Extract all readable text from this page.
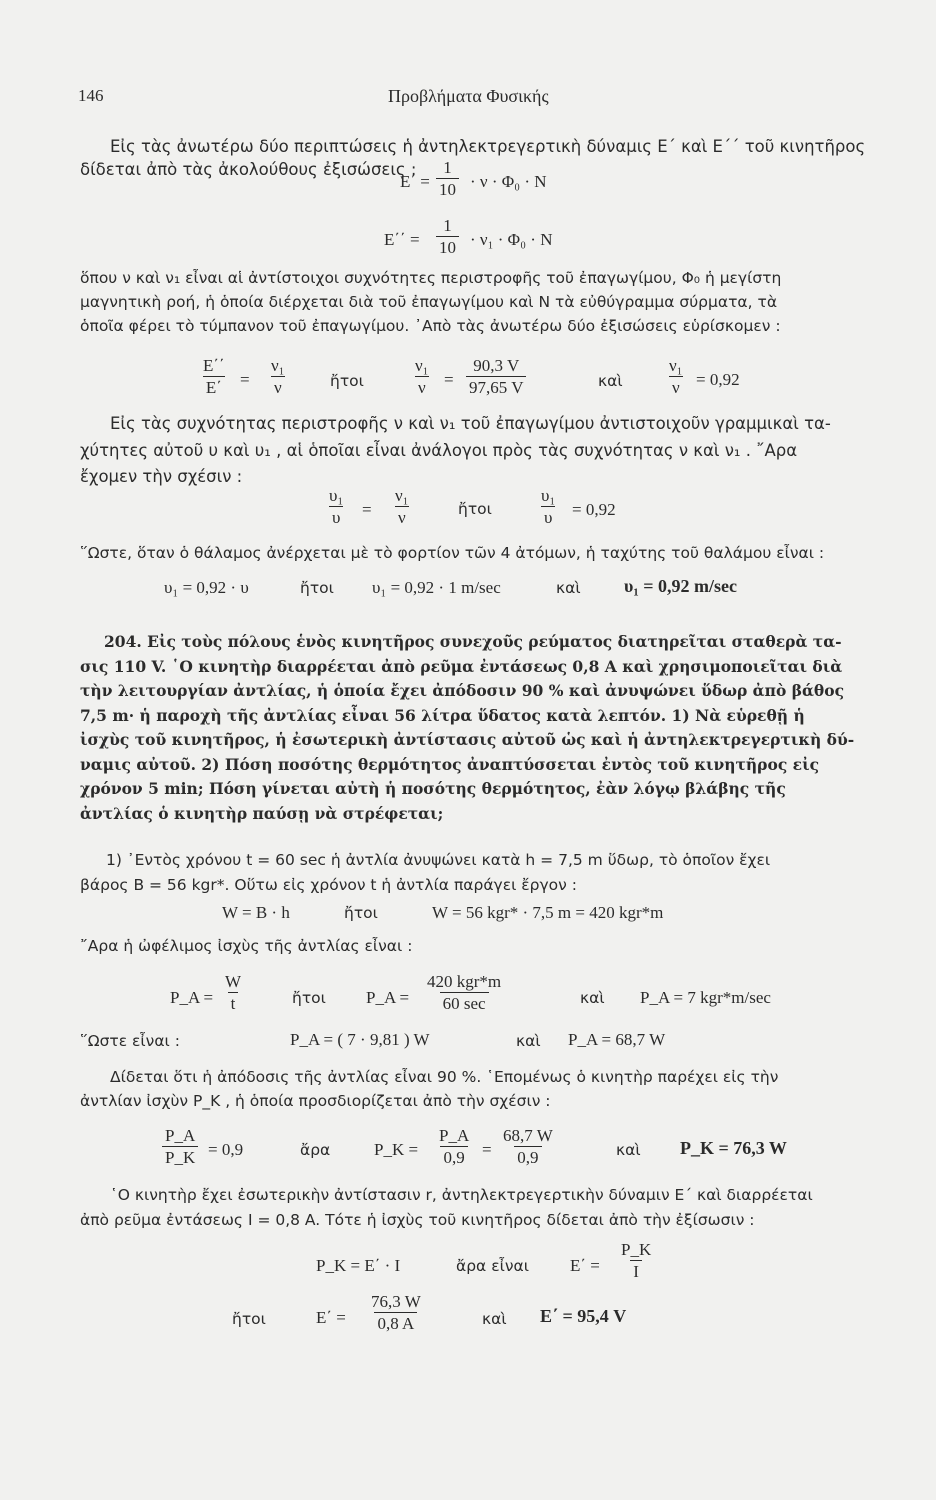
146	Προβλήματα Φυσικής
Εἰς τὰς ἀνωτέρω δύο περιπτώσεις ἡ ἀντηλεκτρεγερτικὴ δύναμις E΄ καὶ E΄΄ τοῦ κινητῆρος
δίδεται ἀπὸ τὰς ἀκολούθους ἐξισώσεις :
$E΄ = \frac{1}{10} \cdot \nu \cdot \Phi_0 \cdot N$
$E΄΄ = \frac{1}{10} \cdot \nu_1 \cdot \Phi_0 \cdot N$
ὅπου ν καὶ ν₁ εἶναι αἱ ἀντίστοιχοι συχνότητες περιστροφῆς τοῦ ἐπαγωγίμου, Φ₀ ἡ μεγίστη
μαγνητικὴ ροή, ἡ ὁποία διέρχεται διὰ τοῦ ἐπαγωγίμου καὶ N τὰ εὐθύγραμμα σύρματα, τὰ
ὁποῖα φέρει τὸ τύμπανον τοῦ ἐπαγωγίμου. ᾿Απὸ τὰς ἀνωτέρω δύο ἐξισώσεις εὑρίσκομεν :
$\frac{E΄΄}{E΄} = \frac{\text{ν₁}}{\nu}$	ἤτοι	$\frac{\text{ν₁}}{\nu} = \frac{90,3 V}{97,65 V}$	καὶ	$\frac{\text{ν₁}}{\nu} = 0,92$
Εἰς τὰς συχνότητας περιστροφῆς ν καὶ ν₁ τοῦ ἐπαγωγίμου ἀντιστοιχοῦν γραμμικαὶ τα-
χύτητες αὐτοῦ υ καὶ υ₁ , αἱ ὁποῖαι εἶναι ἀνάλογοι πρὸς τὰς συχνότητας ν καὶ ν₁ . ῎Αρα
ἔχομεν τὴν σχέσιν :
$\frac{\text{υ₁}}{\upsilon} = \frac{\text{ν₁}}{\nu}$	ἤτοι	$\frac{\text{υ₁}}{\upsilon} = 0,92$
῞Ωστε, ὅταν ὁ θάλαμος ἀνέρχεται μὲ τὸ φορτίον τῶν 4 ἀτόμων, ἡ ταχύτης τοῦ θαλάμου εἶναι :
υ₁ = 0,92 · υ	ἤτοι υ₁ = 0,92 · 1 m/sec	καὶ υ₁ = 0,92 m/sec
204. Εἰς τοὺς πόλους ἑνὸς κινητῆρος συνεχοῦς ρεύματος διατηρεῖται σταθερὰ τα-
σις 110 V. ῾Ο κινητὴρ διαρρέεται ἀπὸ ρεῦμα ἐντάσεως 0,8 A καὶ χρησιμοποιεῖται διὰ
τὴν λειτουργίαν ἀντλίας, ἡ ὁποία ἔχει ἀπόδοσιν 90 % καὶ ἀνυψώνει ὕδωρ ἀπὸ βάθος
7,5 m· ἡ παροχὴ τῆς ἀντλίας εἶναι 56 λίτρα ὕδατος κατὰ λεπτόν. 1) Νὰ εὑρεθῇ ἡ
ἰσχὺς τοῦ κινητῆρος, ἡ ἐσωτερικὴ ἀντίστασις αὐτοῦ ὡς καὶ ἡ ἀντηλεκτρεγερτικὴ δύ-
ναμις αὐτοῦ. 2) Πόση ποσότης θερμότητος ἀναπτύσσεται ἐντὸς τοῦ κινητῆρος εἰς
χρόνον 5 min; Πόση γίνεται αὐτὴ ἡ ποσότης θερμότητος, ἐὰν λόγῳ βλάβης τῆς
ἀντλίας ὁ κινητὴρ παύσῃ νὰ στρέφεται;
1) ᾿Εντὸς χρόνου t = 60 sec ἡ ἀντλία ἀνυψώνει κατὰ h = 7,5 m ὕδωρ, τὸ ὁποῖον ἔχει
βάρος B = 56 kgr*. Οὕτω εἰς χρόνον t ἡ ἀντλία παράγει ἔργον :
W = B · h	ἤτοι	W = 56 kgr* · 7,5 m = 420 kgr*m
῎Αρα ἡ ὠφέλιμος ἰσχὺς τῆς ἀντλίας εἶναι :
P_A = $\frac{W}{t}$	ἤτοι P_A =
420 kgr*m
60 sec	καὶ P_A = 7 kgr*m/sec
῞Ωστε εἶναι :	P_A = ( 7 · 9,81 ) W	καὶ P_A = 68,7 W
Δίδεται ὅτι ἡ ἀπόδοσις τῆς ἀντλίας εἶναι 90 %. ῾Επομένως ὁ κινητὴρ παρέχει εἰς τὴν
ἀντλίαν ἰσχὺν P_K , ἡ ὁποία προσδιορίζεται ἀπὸ τὴν σχέσιν :
$\frac{P\_A}{P\_K} = 0,9$	ἄρα	P_K = $\frac{P\_A}{0,9} = \frac{68,7 W}{0,9}$	καὶ P_K = 76,3 W
῾Ο κινητὴρ ἔχει ἐσωτερικὴν ἀντίστασιν r, ἀντηλεκτρεγερτικὴν δύναμιν E΄ καὶ διαρρέεται
ἀπὸ ρεῦμα ἐντάσεως I = 0,8 A. Τότε ἡ ἰσχὺς τοῦ κινητῆρος δίδεται ἀπὸ τὴν ἐξίσωσιν :
P_K = E΄ · I	ἄρα εἶναι $E΄ = \frac{P\_K}{I}$
ἤτοι	$E΄ = \frac{76,3 W}{0,8 A}$	καὶ E΄ = 95,4 V
